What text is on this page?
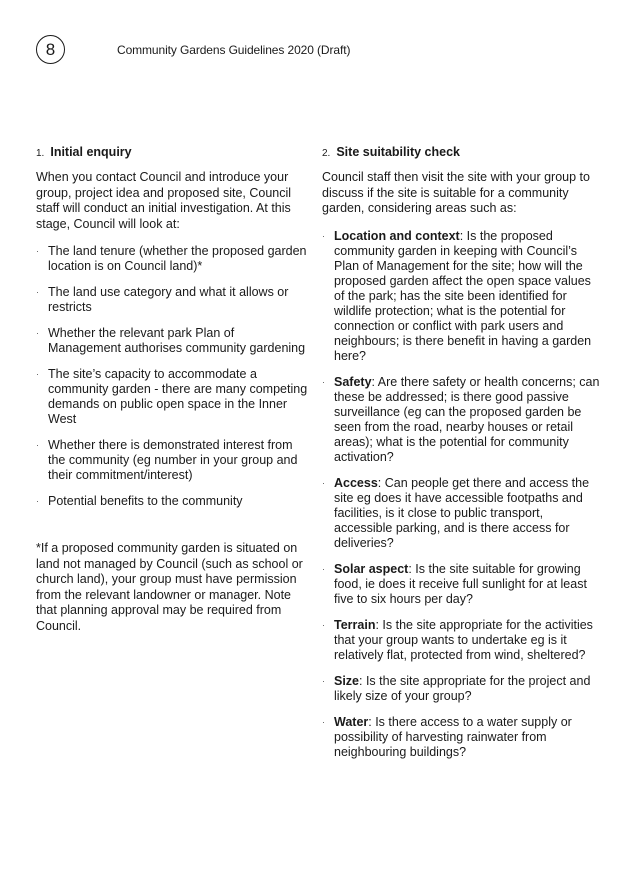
8	Community Gardens Guidelines 2020 (Draft)
1. Initial enquiry

When you contact Council and introduce your group, project idea and proposed site, Council staff will conduct an initial investigation. At this stage, Council will look at:

· The land tenure (whether the proposed garden location is on Council land)*
· The land use category and what it allows or restricts
· Whether the relevant park Plan of Management authorises community gardening
· The site’s capacity to accommodate a community garden - there are many competing demands on public open space in the Inner West
· Whether there is demonstrated interest from the community (eg number in your group and their commitment/interest)
· Potential benefits to the community

*If a proposed community garden is situated on land not managed by Council (such as school or church land), your group must have permission from the relevant landowner or manager. Note that planning approval may be required from Council.

2. Site suitability check

Council staff then visit the site with your group to discuss if the site is suitable for a community garden, considering areas such as:

· Location and context: Is the proposed community garden in keeping with Council’s Plan of Management for the site; how will the proposed garden affect the open space values of the park; has the site been identified for wildlife protection; what is the potential for connection or conflict with park users and neighbours; is there benefit in having a garden here?
· Safety: Are there safety or health concerns; can these be addressed; is there good passive surveillance (eg can the proposed garden be seen from the road, nearby houses or retail areas); what is the potential for community activation?
· Access: Can people get there and access the site eg does it have accessible footpaths and facilities, is it close to public transport, accessible parking, and is there access for deliveries?
· Solar aspect: Is the site suitable for growing food, ie does it receive full sunlight for at least five to six hours per day?
· Terrain: Is the site appropriate for the activities that your group wants to undertake eg is it relatively flat, protected from wind, sheltered?
· Size: Is the site appropriate for the project and likely size of your group?
· Water: Is there access to a water supply or possibility of harvesting rainwater from neighbouring buildings?
